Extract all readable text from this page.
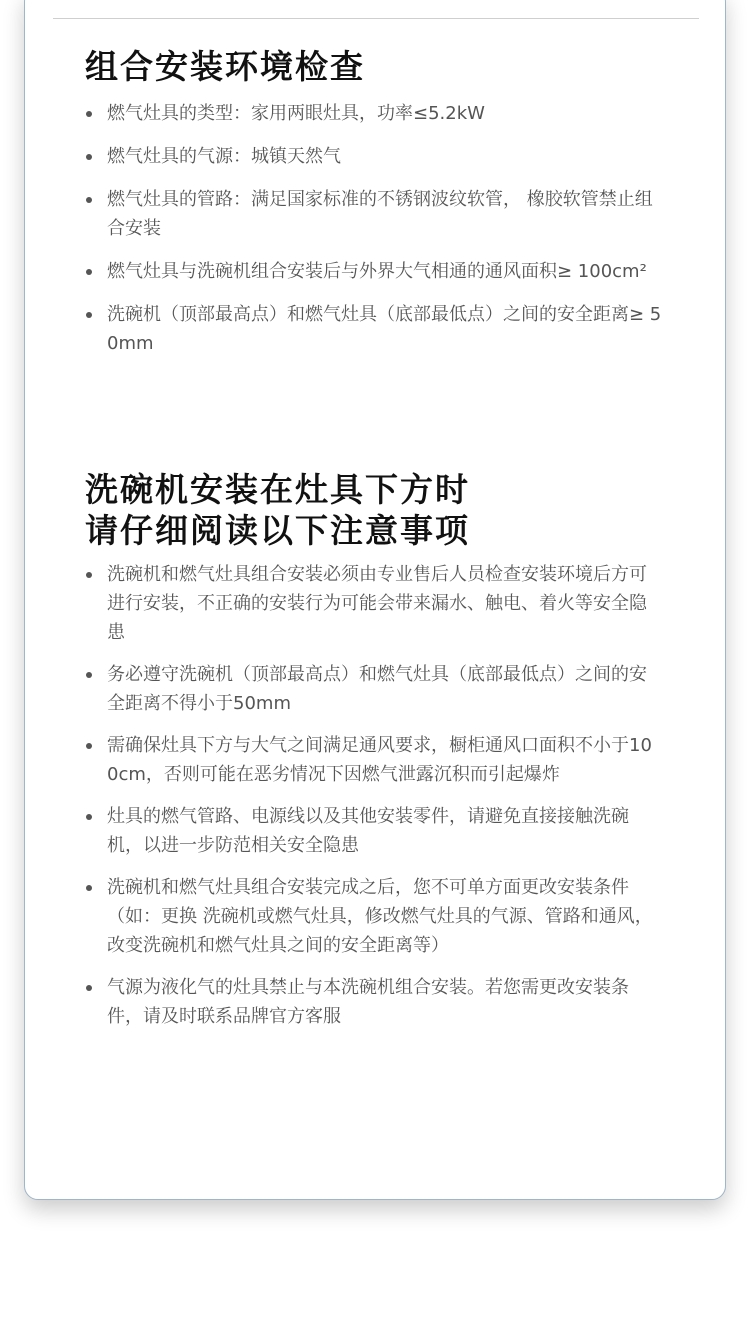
组合安装环境检查
燃气灶具的类型：家用两眼灶具，功率≤5.2kW
燃气灶具的气源：城镇天然气
燃气灶具的管路：满足国家标准的不锈钢波纹软管， 橡胶软管禁止组合安装
燃气灶具与洗碗机组合安装后与外界大气相通的通风面积≥ 100cm²
洗碗机（顶部最高点）和燃气灶具（底部最低点）之间的安全距离≥ 50mm
洗碗机安装在灶具下方时
请仔细阅读以下注意事项
洗碗机和燃气灶具组合安装必须由专业售后人员检查安装环境后方可进行安装，不正确的安装行为可能会带来漏水、触电、着火等安全隐患
务必遵守洗碗机（顶部最高点）和燃气灶具（底部最低点）之间的安全距离不得小于50mm
需确保灶具下方与大气之间满足通风要求，橱柜通风口面积不小于100cm，否则可能在恶劣情况下因燃气泄露沉积而引起爆炸
灶具的燃气管路、电源线以及其他安装零件，请避免直接接触洗碗机，以进一步防范相关安全隐患
洗碗机和燃气灶具组合安装完成之后，您不可单方面更改安装条件（如：更换 洗碗机或燃气灶具，修改燃气灶具的气源、管路和通风，改变洗碗机和燃气灶具之间的安全距离等）
气源为液化气的灶具禁止与本洗碗机组合安装。若您需更改安装条件，请及时联系品牌官方客服
